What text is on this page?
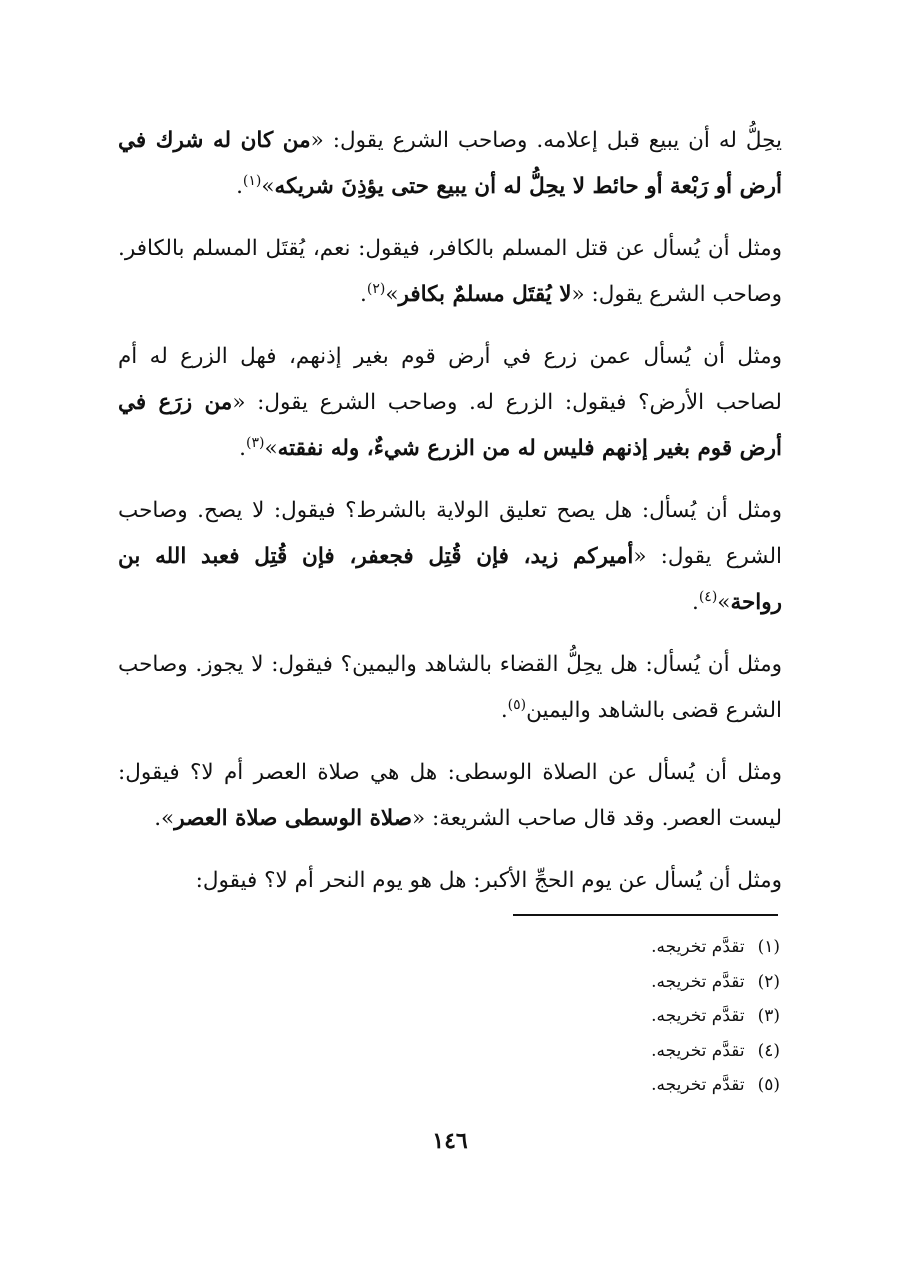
يحِلُّ له أن يبيع قبل إعلامه. وصاحب الشرع يقول: «من كان له شرك في أرض أو رَبْعة أو حائط لا يحِلُّ له أن يبيع حتى يؤذِنَ شريكه»$^{(١)}$.

ومثل أن يُسأل عن قتل المسلم بالكافر، فيقول: نعم، يُقتَل المسلم بالكافر. وصاحب الشرع يقول: «لا يُقتَل مسلمٌ بكافر»$^{(٢)}$.

ومثل أن يُسأل عمن زرع في أرض قوم بغير إذنهم، فهل الزرع له أم لصاحب الأرض؟ فيقول: الزرع له. وصاحب الشرع يقول: «من زرَع في أرض قوم بغير إذنهم فليس له من الزرع شيءٌ، وله نفقته»$^{(٣)}$.

ومثل أن يُسأل: هل يصح تعليق الولاية بالشرط؟ فيقول: لا يصح. وصاحب الشرع يقول: «أميركم زيد، فإن قُتِل فجعفر، فإن قُتِل فعبد الله بن رواحة»$^{(٤)}$.

ومثل أن يُسأل: هل يحِلُّ القضاء بالشاهد واليمين؟ فيقول: لا يجوز. وصاحب الشرع قضى بالشاهد واليمين$^{(٥)}$.

ومثل أن يُسأل عن الصلاة الوسطى: هل هي صلاة العصر أم لا؟ فيقول: ليست العصر. وقد قال صاحب الشريعة: «صلاة الوسطى صلاة العصر».

ومثل أن يُسأل عن يوم الحجِّ الأكبر: هل هو يوم النحر أم لا؟ فيقول:

(١) تقدَّم تخريجه.
(٢) تقدَّم تخريجه.
(٣) تقدَّم تخريجه.
(٤) تقدَّم تخريجه.
(٥) تقدَّم تخريجه.
١٤٦
